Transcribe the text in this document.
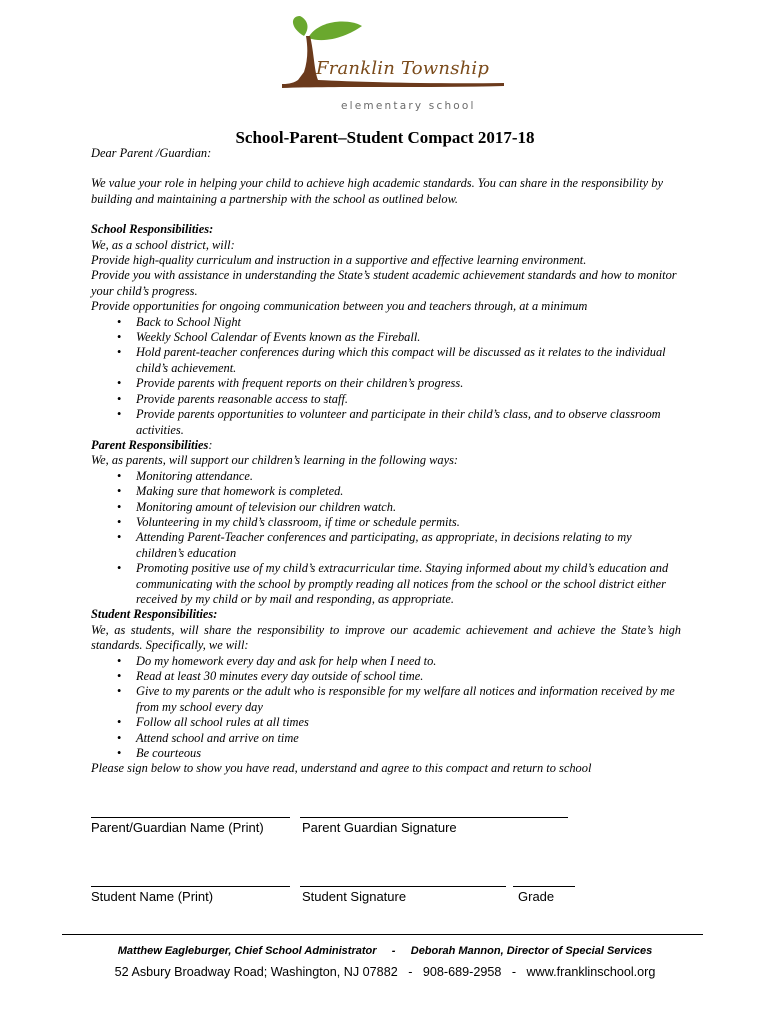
Franklin Township
elementary school
School-Parent–Student Compact 2017-18

Dear Parent /Guardian:

We value your role in helping your child to achieve high academic standards. You can share in the responsibility by building and maintaining a partnership with the school as outlined below.

School Responsibilities:

We, as a school district, will:

Provide high-quality curriculum and instruction in a supportive and effective learning environment.

Provide you with assistance in understanding the State’s student academic achievement standards and how to monitor your child’s progress.

Provide opportunities for ongoing communication between you and teachers through, at a minimum

• Back to School Night
• Weekly School Calendar of Events known as the Fireball.
• Hold parent-teacher conferences during which this compact will be discussed as it relates to the individual child’s achievement.
• Provide parents with frequent reports on their children’s progress.
• Provide parents reasonable access to staff.
• Provide parents opportunities to volunteer and participate in their child’s class, and to observe classroom activities.

Parent Responsibilities:

We, as parents, will support our children’s learning in the following ways:

• Monitoring attendance.
• Making sure that homework is completed.
• Monitoring amount of television our children watch.
• Volunteering in my child’s classroom, if time or schedule permits.
• Attending Parent-Teacher conferences and participating, as appropriate, in decisions relating to my children’s education
• Promoting positive use of my child’s extracurricular time. Staying informed about my child’s education and communicating with the school by promptly reading all notices from the school or the school district either received by my child or by mail and responding, as appropriate.

Student Responsibilities:

We, as students, will share the responsibility to improve our academic achievement and achieve the State’s high standards. Specifically, we will:

• Do my homework every day and ask for help when I need to.
• Read at least 30 minutes every day outside of school time.
• Give to my parents or the adult who is responsible for my welfare all notices and information received by me from my school every day
• Follow all school rules at all times
• Attend school and arrive on time
• Be courteous

Please sign below to show you have read, understand and agree to this compact and return to school

Parent/Guardian Name (Print)	Parent Guardian Signature
Student Name (Print)	Student Signature	Grade
Matthew Eagleburger, Chief School Administrator - Deborah Mannon, Director of Special Services
52 Asbury Broadway Road; Washington, NJ 07882 - 908-689-2958 - www.franklinschool.org
